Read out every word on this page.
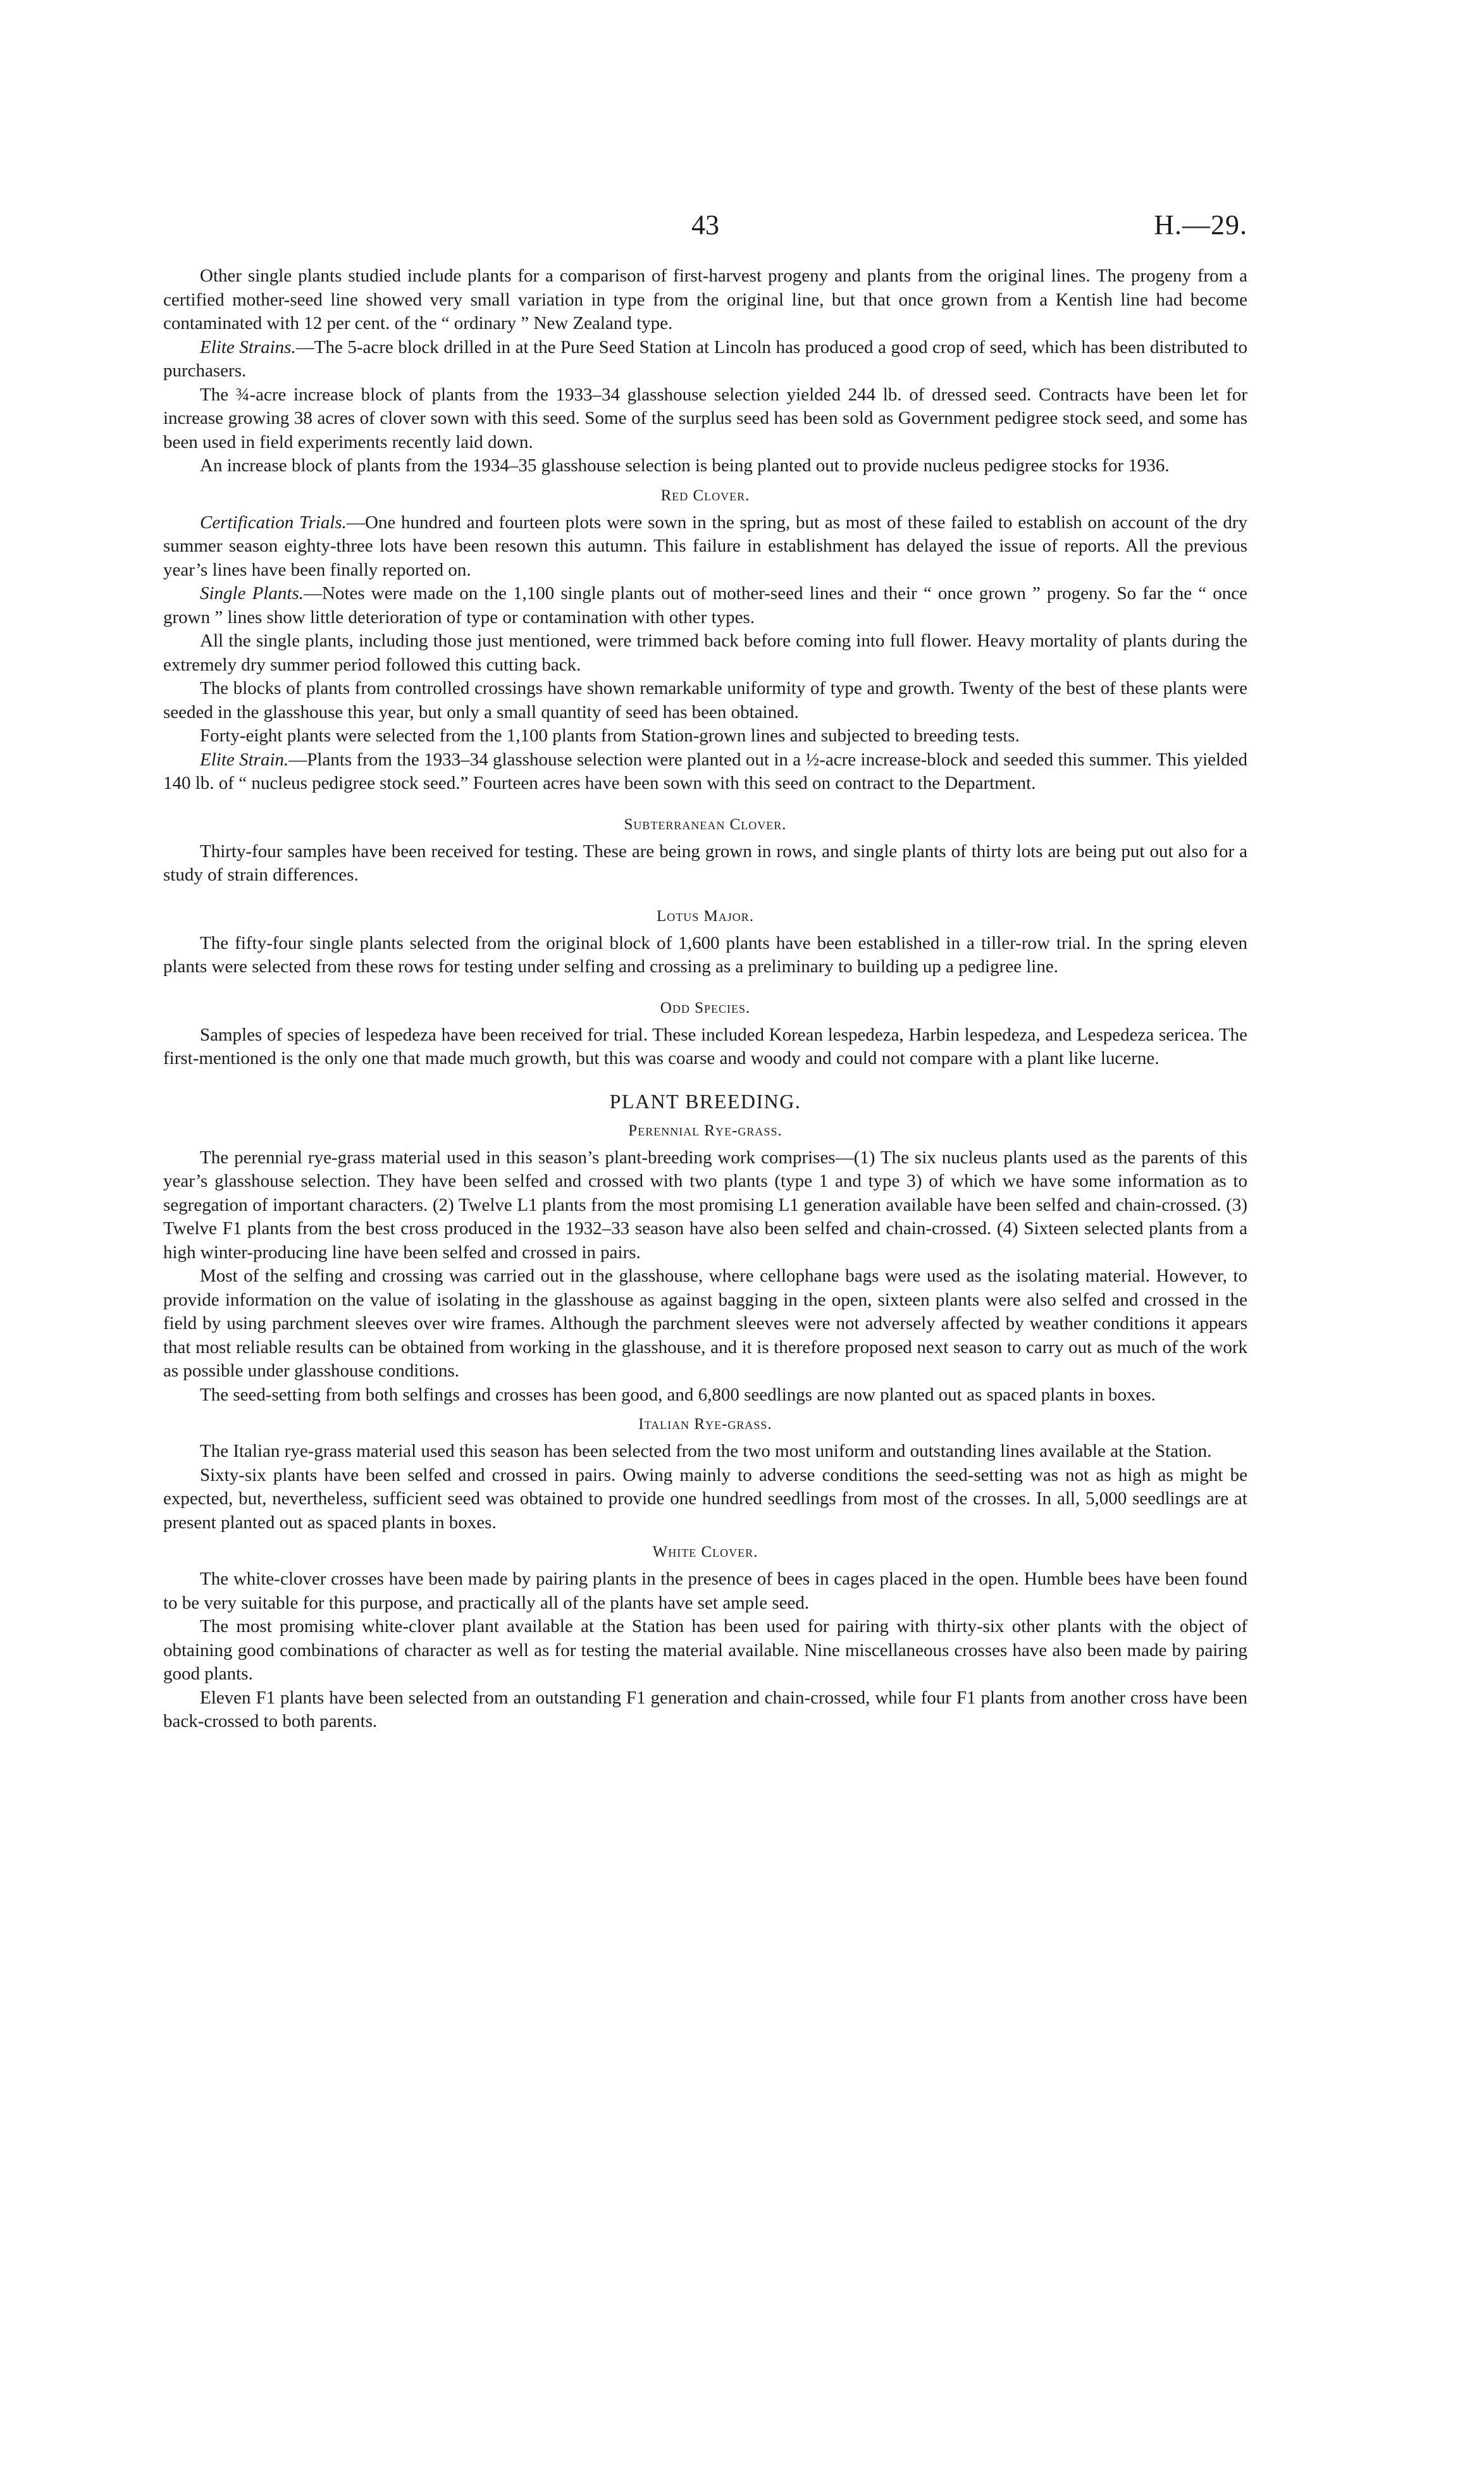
43	H.—29.

Other single plants studied include plants for a comparison of first-harvest progeny and plants from the original lines. The progeny from a certified mother-seed line showed very small variation in type from the original line, but that once grown from a Kentish line had become contaminated with 12 per cent. of the “ ordinary ” New Zealand type.

Elite Strains.—The 5-acre block drilled in at the Pure Seed Station at Lincoln has produced a good crop of seed, which has been distributed to purchasers.

The ¾-acre increase block of plants from the 1933–34 glasshouse selection yielded 244 lb. of dressed seed. Contracts have been let for increase growing 38 acres of clover sown with this seed. Some of the surplus seed has been sold as Government pedigree stock seed, and some has been used in field experiments recently laid down.

An increase block of plants from the 1934–35 glasshouse selection is being planted out to provide nucleus pedigree stocks for 1936.

Red Clover.

Certification Trials.—One hundred and fourteen plots were sown in the spring, but as most of these failed to establish on account of the dry summer season eighty-three lots have been resown this autumn. This failure in establishment has delayed the issue of reports. All the previous year’s lines have been finally reported on.

Single Plants.—Notes were made on the 1,100 single plants out of mother-seed lines and their “ once grown ” progeny. So far the “ once grown ” lines show little deterioration of type or contamination with other types.

All the single plants, including those just mentioned, were trimmed back before coming into full flower. Heavy mortality of plants during the extremely dry summer period followed this cutting back.

The blocks of plants from controlled crossings have shown remarkable uniformity of type and growth. Twenty of the best of these plants were seeded in the glasshouse this year, but only a small quantity of seed has been obtained.

Forty-eight plants were selected from the 1,100 plants from Station-grown lines and subjected to breeding tests.

Elite Strain.—Plants from the 1933–34 glasshouse selection were planted out in a ½-acre increase-block and seeded this summer. This yielded 140 lb. of “ nucleus pedigree stock seed.” Fourteen acres have been sown with this seed on contract to the Department.

Subterranean Clover.

Thirty-four samples have been received for testing. These are being grown in rows, and single plants of thirty lots are being put out also for a study of strain differences.

Lotus Major.

The fifty-four single plants selected from the original block of 1,600 plants have been established in a tiller-row trial. In the spring eleven plants were selected from these rows for testing under selfing and crossing as a preliminary to building up a pedigree line.

Odd Species.

Samples of species of lespedeza have been received for trial. These included Korean lespedeza, Harbin lespedeza, and Lespedeza sericea. The first-mentioned is the only one that made much growth, but this was coarse and woody and could not compare with a plant like lucerne.

PLANT BREEDING.
Perennial Rye-grass.

The perennial rye-grass material used in this season’s plant-breeding work comprises—(1) The six nucleus plants used as the parents of this year’s glasshouse selection. They have been selfed and crossed with two plants (type 1 and type 3) of which we have some information as to segregation of important characters. (2) Twelve L1 plants from the most promising L1 generation available have been selfed and chain-crossed. (3) Twelve F1 plants from the best cross produced in the 1932–33 season have also been selfed and chain-crossed. (4) Sixteen selected plants from a high winter-producing line have been selfed and crossed in pairs.

Most of the selfing and crossing was carried out in the glasshouse, where cellophane bags were used as the isolating material. However, to provide information on the value of isolating in the glasshouse as against bagging in the open, sixteen plants were also selfed and crossed in the field by using parchment sleeves over wire frames. Although the parchment sleeves were not adversely affected by weather conditions it appears that most reliable results can be obtained from working in the glasshouse, and it is therefore proposed next season to carry out as much of the work as possible under glasshouse conditions.

The seed-setting from both selfings and crosses has been good, and 6,800 seedlings are now planted out as spaced plants in boxes.

Italian Rye-grass.

The Italian rye-grass material used this season has been selected from the two most uniform and outstanding lines available at the Station.

Sixty-six plants have been selfed and crossed in pairs. Owing mainly to adverse conditions the seed-setting was not as high as might be expected, but, nevertheless, sufficient seed was obtained to provide one hundred seedlings from most of the crosses. In all, 5,000 seedlings are at present planted out as spaced plants in boxes.

White Clover.

The white-clover crosses have been made by pairing plants in the presence of bees in cages placed in the open. Humble bees have been found to be very suitable for this purpose, and practically all of the plants have set ample seed.

The most promising white-clover plant available at the Station has been used for pairing with thirty-six other plants with the object of obtaining good combinations of character as well as for testing the material available. Nine miscellaneous crosses have also been made by pairing good plants.

Eleven F1 plants have been selected from an outstanding F1 generation and chain-crossed, while four F1 plants from another cross have been back-crossed to both parents.
